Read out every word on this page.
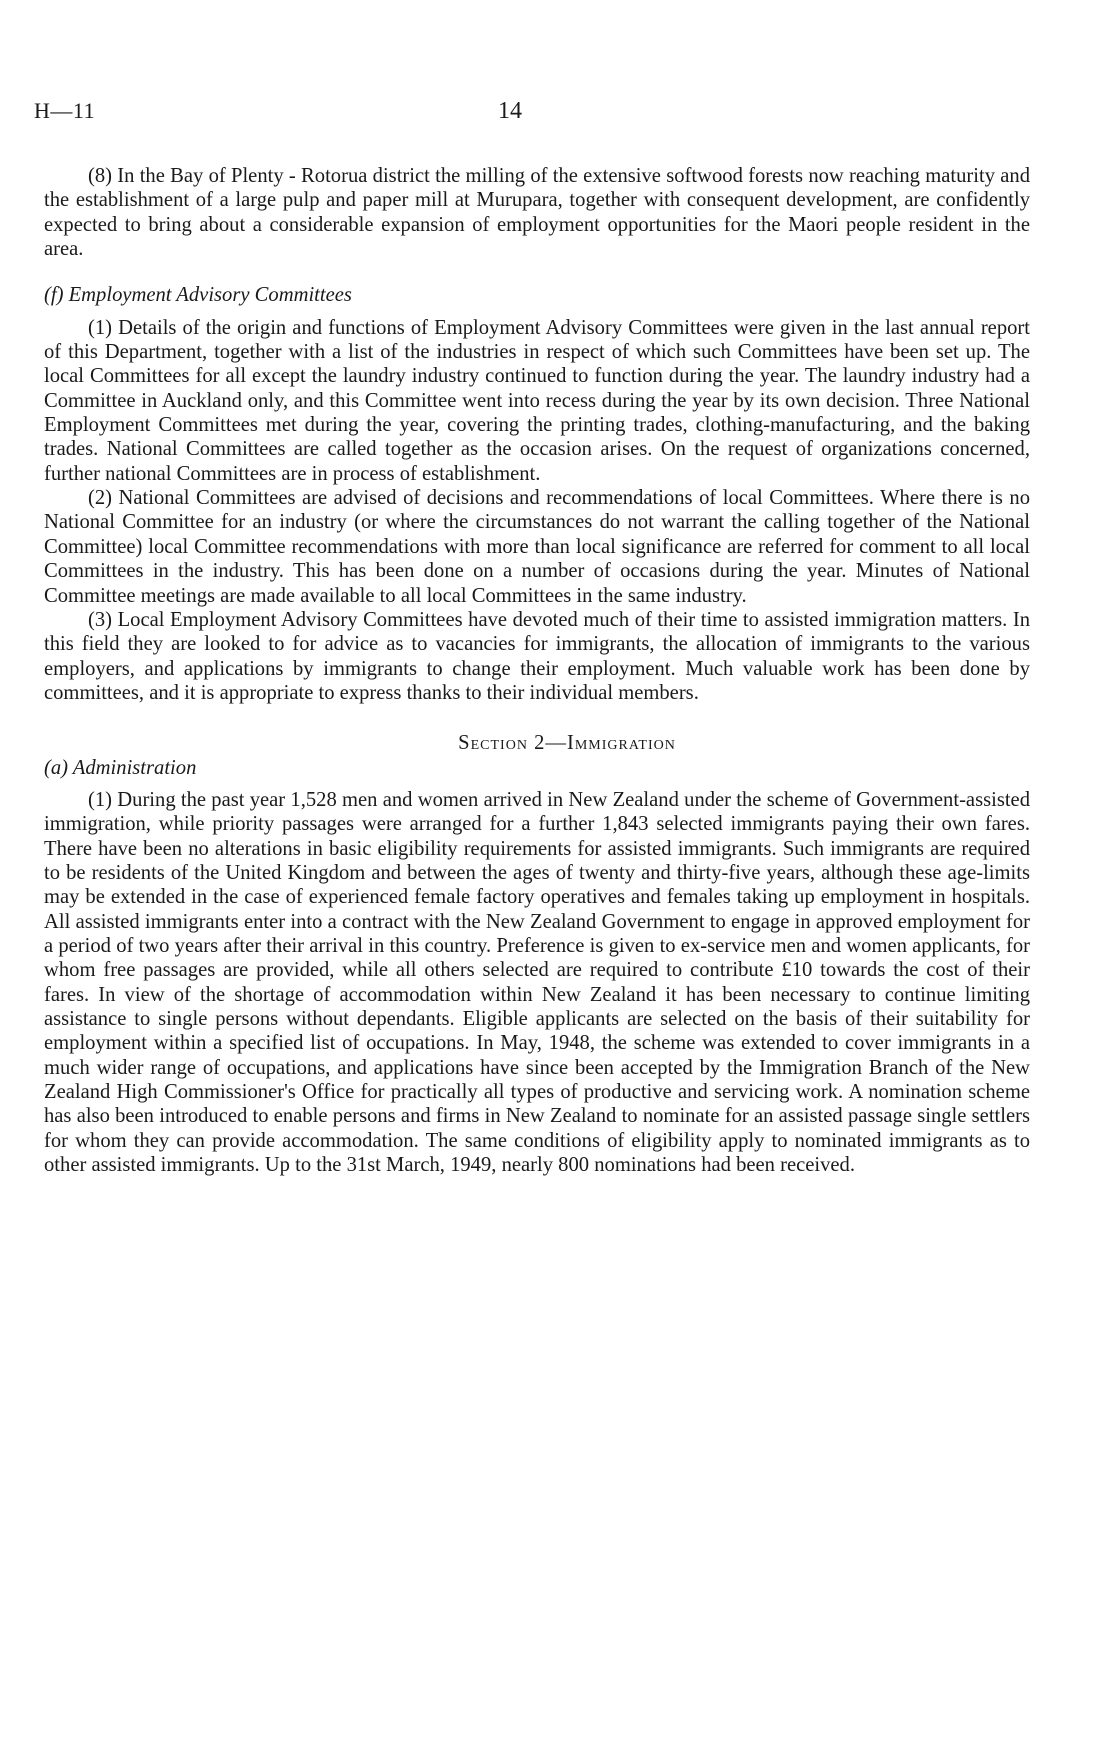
H—11	14

(8) In the Bay of Plenty - Rotorua district the milling of the extensive softwood forests now reaching maturity and the establishment of a large pulp and paper mill at Murupara, together with consequent development, are confidently expected to bring about a considerable expansion of employment opportunities for the Maori people resident in the area.

(f) Employment Advisory Committees

(1) Details of the origin and functions of Employment Advisory Committees were given in the last annual report of this Department, together with a list of the industries in respect of which such Committees have been set up. The local Committees for all except the laundry industry continued to function during the year. The laundry industry had a Committee in Auckland only, and this Committee went into recess during the year by its own decision. Three National Employment Committees met during the year, covering the printing trades, clothing-manufacturing, and the baking trades. National Committees are called together as the occasion arises. On the request of organizations concerned, further national Committees are in process of establishment.

(2) National Committees are advised of decisions and recommendations of local Committees. Where there is no National Committee for an industry (or where the circumstances do not warrant the calling together of the National Committee) local Committee recommendations with more than local significance are referred for comment to all local Committees in the industry. This has been done on a number of occasions during the year. Minutes of National Committee meetings are made available to all local Committees in the same industry.

(3) Local Employment Advisory Committees have devoted much of their time to assisted immigration matters. In this field they are looked to for advice as to vacancies for immigrants, the allocation of immigrants to the various employers, and applications by immigrants to change their employment. Much valuable work has been done by committees, and it is appropriate to express thanks to their individual members.

Section 2—Immigration
(a) Administration

(1) During the past year 1,528 men and women arrived in New Zealand under the scheme of Government-assisted immigration, while priority passages were arranged for a further 1,843 selected immigrants paying their own fares. There have been no alterations in basic eligibility requirements for assisted immigrants. Such immigrants are required to be residents of the United Kingdom and between the ages of twenty and thirty-five years, although these age-limits may be extended in the case of experienced female factory operatives and females taking up employment in hospitals. All assisted immigrants enter into a contract with the New Zealand Government to engage in approved employment for a period of two years after their arrival in this country. Preference is given to ex-service men and women applicants, for whom free passages are provided, while all others selected are required to contribute £10 towards the cost of their fares. In view of the shortage of accommodation within New Zealand it has been necessary to continue limiting assistance to single persons without dependants. Eligible applicants are selected on the basis of their suitability for employment within a specified list of occupations. In May, 1948, the scheme was extended to cover immigrants in a much wider range of occupations, and applications have since been accepted by the Immigration Branch of the New Zealand High Commissioner's Office for practically all types of productive and servicing work. A nomination scheme has also been introduced to enable persons and firms in New Zealand to nominate for an assisted passage single settlers for whom they can provide accommodation. The same conditions of eligibility apply to nominated immigrants as to other assisted immigrants. Up to the 31st March, 1949, nearly 800 nominations had been received.
